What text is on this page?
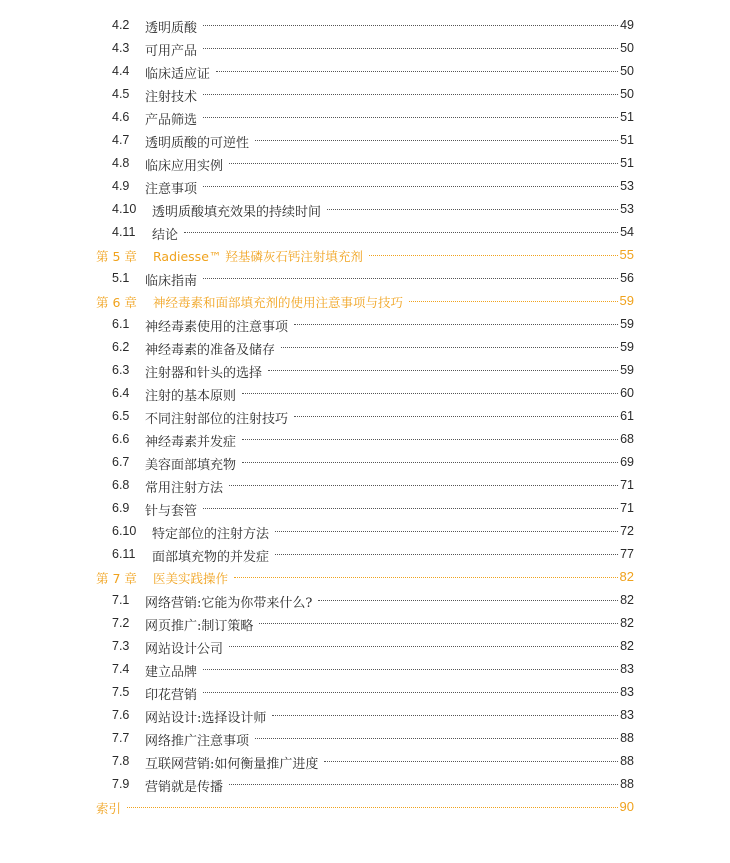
4.2 透明质酸	49
4.3 可用产品	50
4.4 临床适应证	50
4.5 注射技术	50
4.6 产品筛选	51
4.7 透明质酸的可逆性	51
4.8 临床应用实例	51
4.9 注意事项	53
4.10 透明质酸填充效果的持续时间	53
4.11 结论	54
第 5 章 Radiesse™ 羟基磷灰石钙注射填充剂	55
5.1 临床指南	56
第 6 章 神经毒素和面部填充剂的使用注意事项与技巧	59
6.1 神经毒素使用的注意事项	59
6.2 神经毒素的准备及储存	59
6.3 注射器和针头的选择	59
6.4 注射的基本原则	60
6.5 不同注射部位的注射技巧	61
6.6 神经毒素并发症	68
6.7 美容面部填充物	69
6.8 常用注射方法	71
6.9 针与套管	71
6.10 特定部位的注射方法	72
6.11 面部填充物的并发症	77
第 7 章 医美实践操作	82
7.1 网络营销:它能为你带来什么?	82
7.2 网页推广:制订策略	82
7.3 网站设计公司	82
7.4 建立品牌	83
7.5 印花营销	83
7.6 网站设计:选择设计师	83
7.7 网络推广注意事项	88
7.8 互联网营销:如何衡量推广进度	88
7.9 营销就是传播	88
索引	90
